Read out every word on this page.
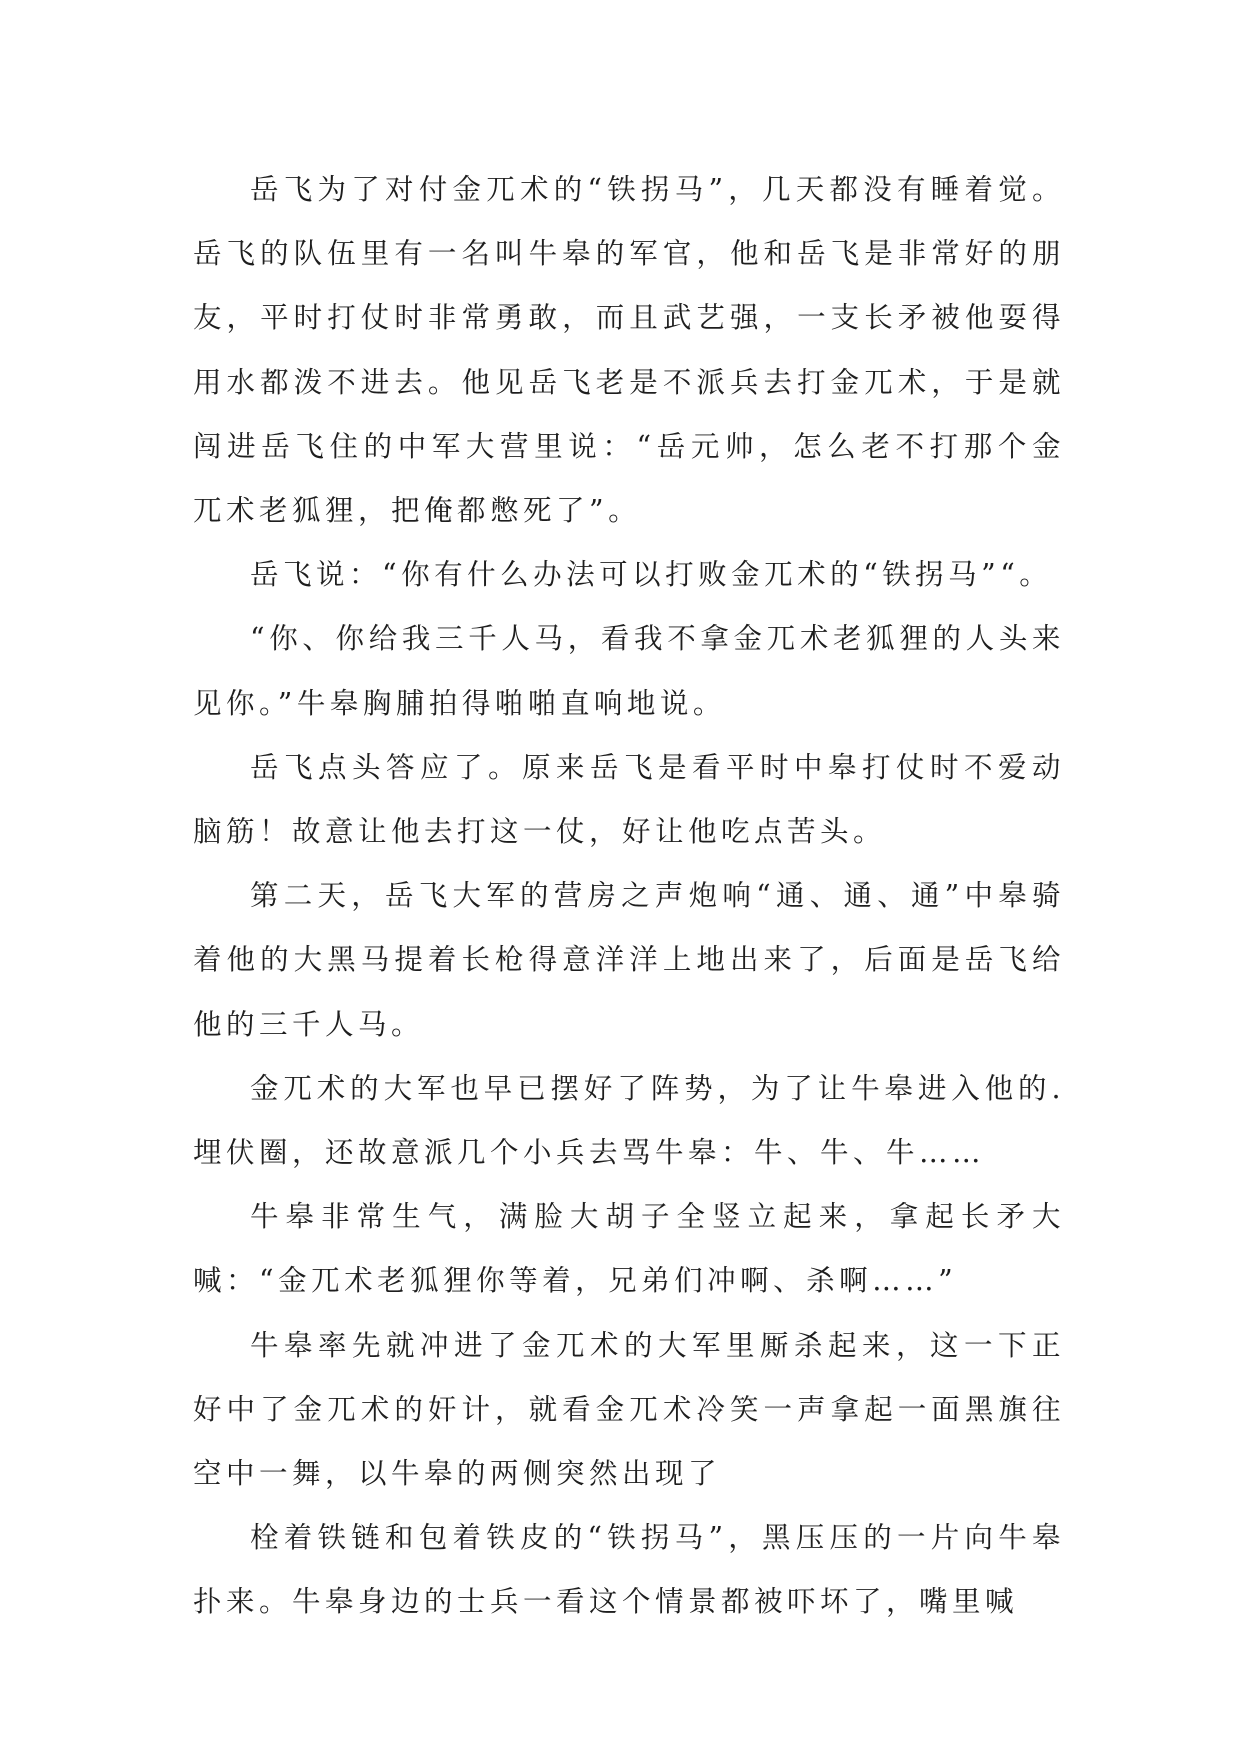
岳飞为了对付金兀术的“铁拐马”，几天都没有睡着觉。岳飞的队伍里有一名叫牛皋的军官，他和岳飞是非常好的朋友，平时打仗时非常勇敢，而且武艺强，一支长矛被他耍得用水都泼不进去。他见岳飞老是不派兵去打金兀术，于是就闯进岳飞住的中军大营里说：“岳元帅，怎么老不打那个金兀术老狐狸，把俺都憋死了”。

岳飞说：“你有什么办法可以打败金兀术的“铁拐马”“。

“你、你给我三千人马，看我不拿金兀术老狐狸的人头来见你。”牛皋胸脯拍得啪啪直响地说。

岳飞点头答应了。原来岳飞是看平时中皋打仗时不爱动脑筋！故意让他去打这一仗，好让他吃点苦头。

第二天，岳飞大军的营房之声炮响“通、通、通”中皋骑着他的大黑马提着长枪得意洋洋上地出来了，后面是岳飞给他的三千人马。

金兀术的大军也早已摆好了阵势，为了让牛皋进入他的.埋伏圈，还故意派几个小兵去骂牛皋：牛、牛、牛……

牛皋非常生气，满脸大胡子全竖立起来，拿起长矛大喊：“金兀术老狐狸你等着，兄弟们冲啊、杀啊……”

牛皋率先就冲进了金兀术的大军里厮杀起来，这一下正好中了金兀术的奸计，就看金兀术冷笑一声拿起一面黑旗往空中一舞，以牛皋的两侧突然出现了

栓着铁链和包着铁皮的“铁拐马”，黑压压的一片向牛皋扑来。牛皋身边的士兵一看这个情景都被吓坏了，嘴里喊
